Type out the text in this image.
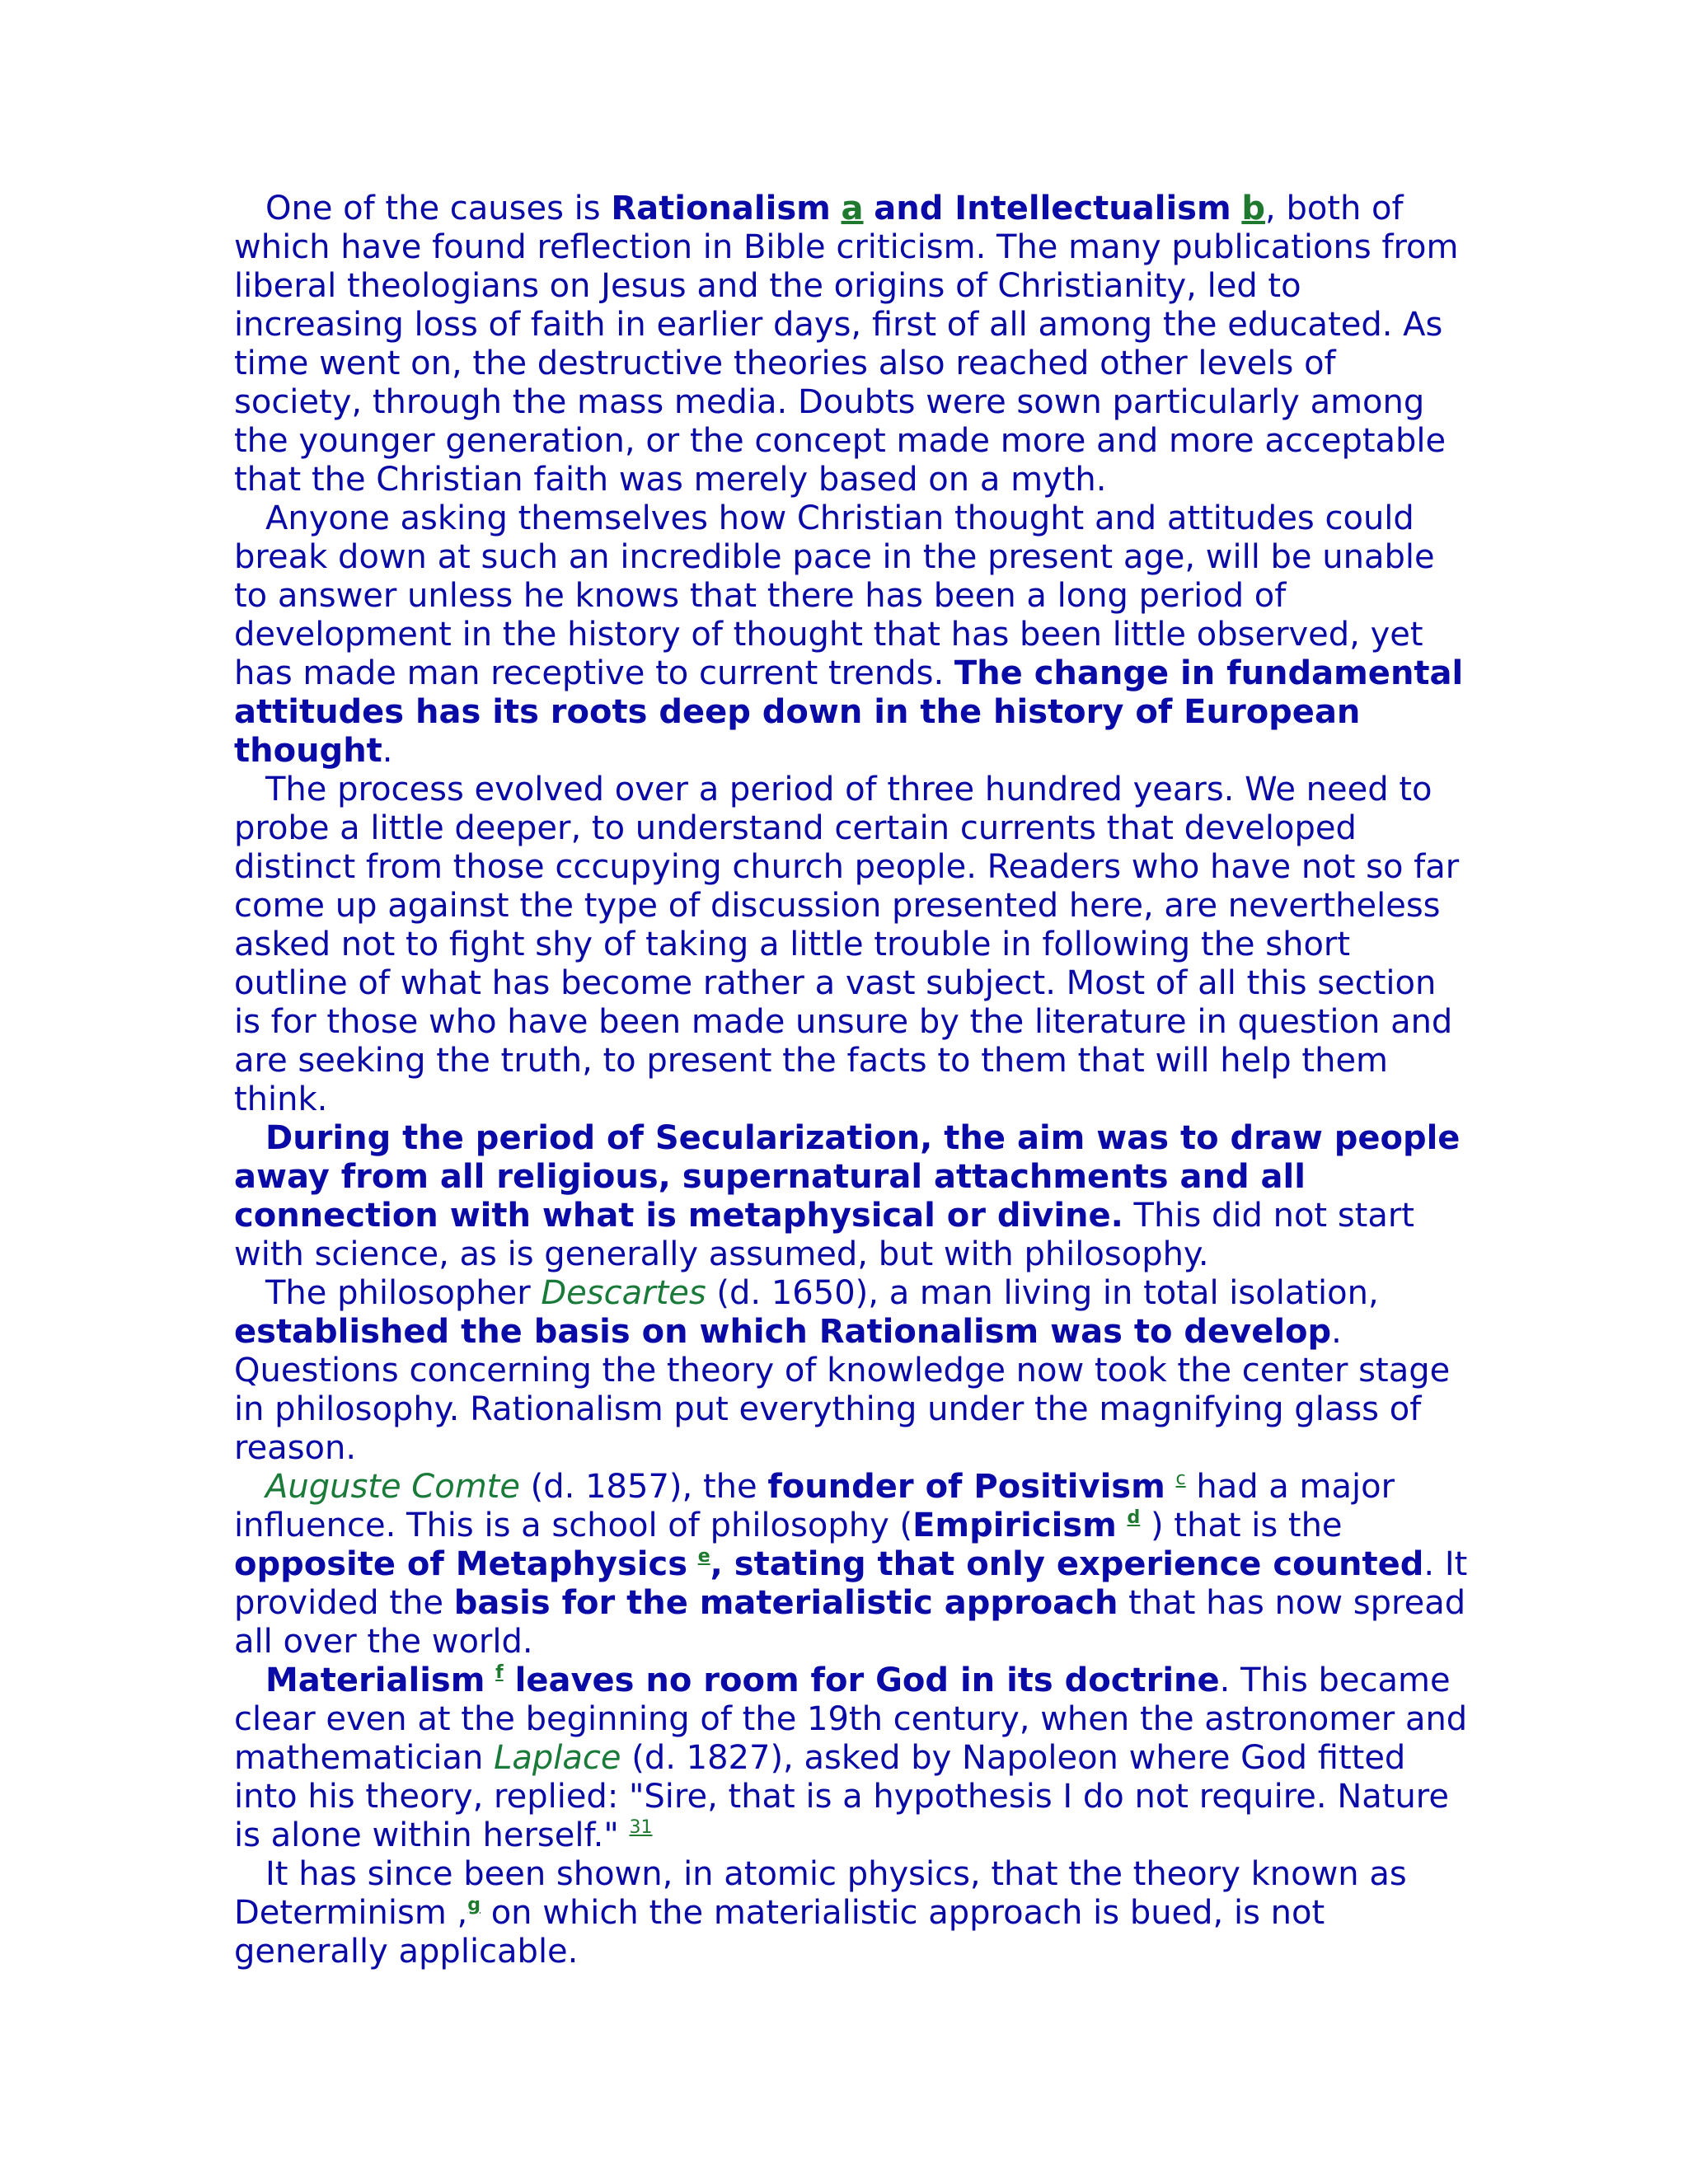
One of the causes is Rationalism a and Intellectualism b, both of which have found reflection in Bible criticism. The many publications from liberal theologians on Jesus and the origins of Christianity, led to increasing loss of faith in earlier days, first of all among the educated. As time went on, the destructive theories also reached other levels of society, through the mass media. Doubts were sown particularly among the younger generation, or the concept made more and more acceptable that the Christian faith was merely based on a myth.

Anyone asking themselves how Christian thought and attitudes could break down at such an incredible pace in the present age, will be unable to answer unless he knows that there has been a long period of development in the history of thought that has been little observed, yet has made man receptive to current trends. The change in fundamental attitudes has its roots deep down in the history of European thought.

The process evolved over a period of three hundred years. We need to probe a little deeper, to understand certain currents that developed distinct from those cccupying church people. Readers who have not so far come up against the type of discussion presented here, are nevertheless asked not to fight shy of taking a little trouble in following the short outline of what has become rather a vast subject. Most of all this section is for those who have been made unsure by the literature in question and are seeking the truth, to present the facts to them that will help them think.

During the period of Secularization, the aim was to draw people away from all religious, supernatural attachments and all connection with what is metaphysical or divine. This did not start with science, as is generally assumed, but with philosophy.

The philosopher Descartes (d. 1650), a man living in total isolation, established the basis on which Rationalism was to develop. Questions concerning the theory of knowledge now took the center stage in philosophy. Rationalism put everything under the magnifying glass of reason.

Auguste Comte (d. 1857), the founder of Positivism $^c$ had a major influence. This is a school of philosophy (Empiricism $^d$ ) that is the opposite of Metaphysics $^e$, stating that only experience counted. It provided the basis for the materialistic approach that has now spread all over the world.

Materialism $^f$ leaves no room for God in its doctrine. This became clear even at the beginning of the 19th century, when the astronomer and mathematician Laplace (d. 1827), asked by Napoleon where God fitted into his theory, replied: "Sire, that is a hypothesis I do not require. Nature is alone within herself." $^{31}$

It has since been shown, in atomic physics, that the theory known as Determinism ,$^g$ on which the materialistic approach is bued, is not generally applicable.
